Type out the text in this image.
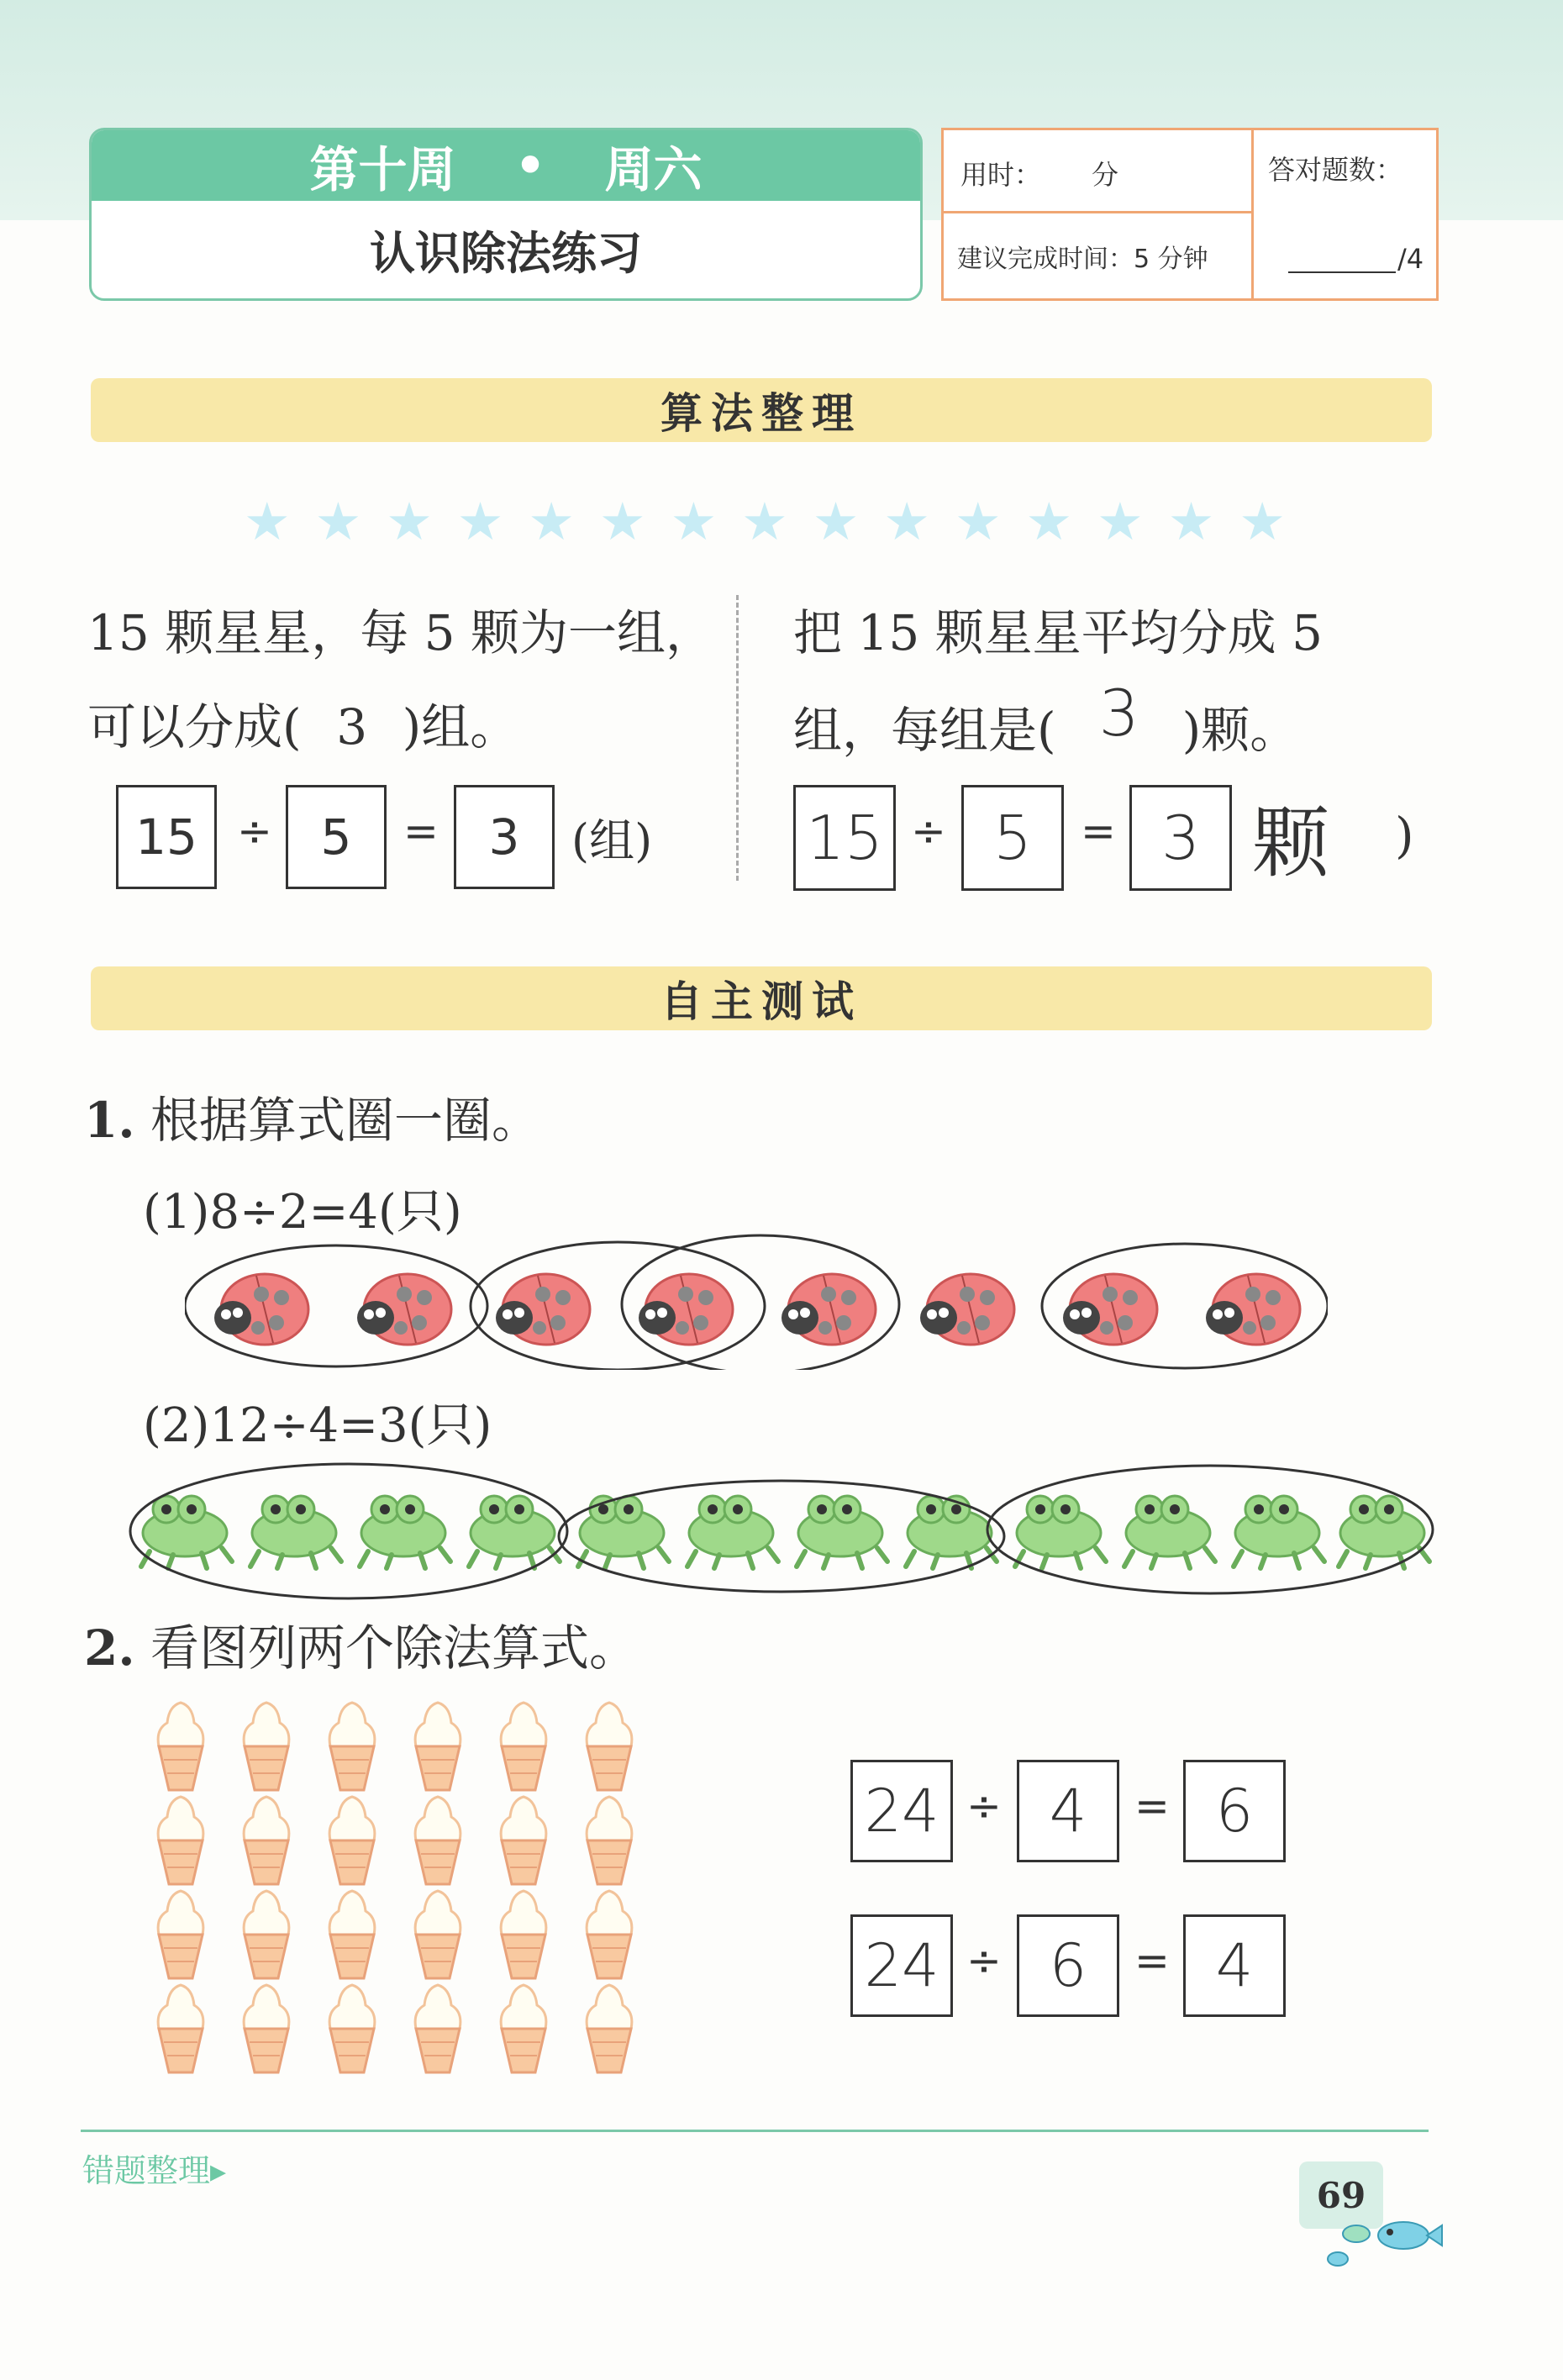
第十周 • 周六
认识除法练习
用时： 分
建议完成时间：5 分钟
答对题数：
/4
算法整理
★ ★ ★ ★ ★ ★ ★ ★ ★ ★ ★ ★ ★ ★ ★
15 颗星星，每 5 颗为一组，
可以分成( 3 )组。
15 ÷ 5	=	3	(组)
把 15 颗星星平均分成 5
组，每组是( 3 )颗。
15 ÷ 5	= 3 颗 )
自主测试
1. 根据算式圈一圈。
(1)8÷2=4(只)
(2)12÷4=3(只)
2. 看图列两个除法算式。
24 ÷ 4	= 6
24 ÷ 6	= 4
错题整理▸
69
